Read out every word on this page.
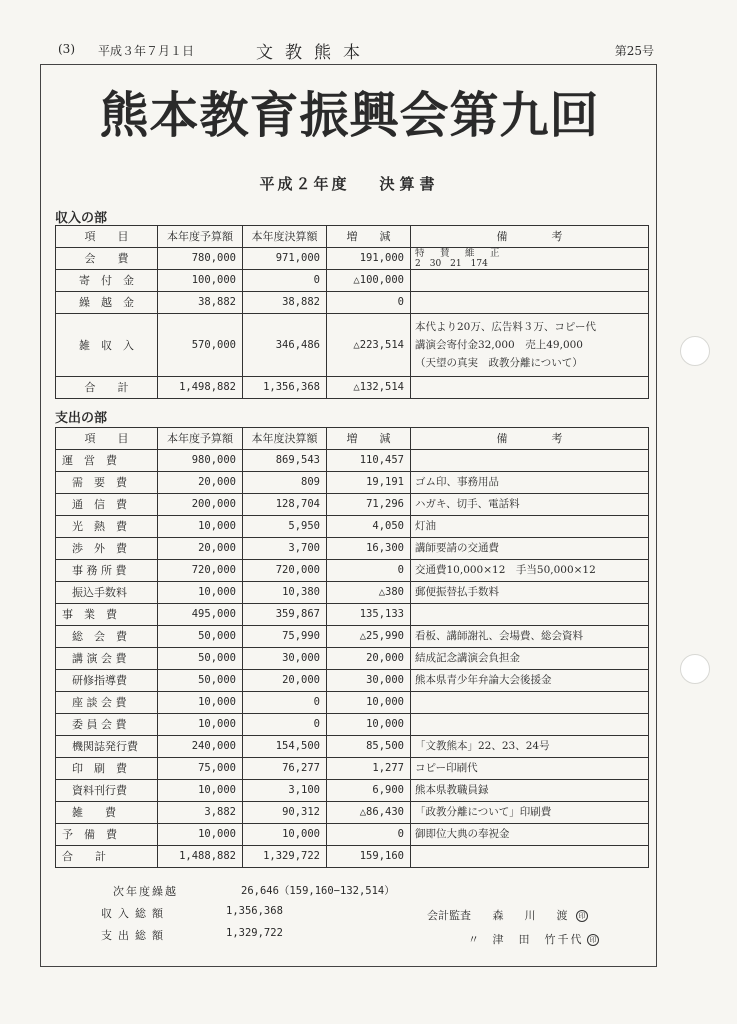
(3) 平成３年７月１日	文教熊本	第25号
熊本教育振興会第九回
平成２年度 決算書
収入の部
項　　目	本年度予算額	本年度決算額	増　　減	備　　　　考
会　　費	780,000	971,000	191,000	特　賛　維　正
2　30　21　174

寄　付　金	100,000	0	△100,000	
繰　越　金	38,882	38,882	0	
雑　収　入	570,000	346,486	△223,514	本代より20万、広告料３万、コピー代
講演会寄付金32,000　売上49,000
（天望の真実　政教分離について）

合　　計	1,498,882	1,356,368	△132,514	
支出の部
項　　目	本年度予算額	本年度決算額	増　　減	備　　　　考
運　営　費	980,000	869,543	110,457	
需　要　費	20,000	809	19,191	ゴム印、事務用品
通　信　費	200,000	128,704	71,296	ハガキ、切手、電話料
光　熱　費	10,000	5,950	4,050	灯油
渉　外　費	20,000	3,700	16,300	講師要請の交通費
事 務 所 費	720,000	720,000	0	交通費10,000×12　手当50,000×12
振込手数料	10,000	10,380	△380	郵便振替払手数料
事　業　費	495,000	359,867	135,133	
総　会　費	50,000	75,990	△25,990	看板、講師謝礼、会場費、総会資料
講 演 会 費	50,000	30,000	20,000	結成記念講演会負担金
研修指導費	50,000	20,000	30,000	熊本県青少年弁論大会後援金
座 談 会 費	10,000	0	10,000	
委 員 会 費	10,000	0	10,000	
機関誌発行費	240,000	154,500	85,500	「文教熊本」22、23、24号
印　刷　費	75,000	76,277	1,277	コピー印刷代
資料刊行費	10,000	3,100	6,900	熊本県教職員録
雑　　費	3,882	90,312	△86,430	「政教分離について」印刷費
予　備　費	10,000	10,000	0	御即位大典の奉祝金
合　　計	1,488,882	1,329,722	159,160	
次年度繰越	26,646（159,160−132,514）
収入総額	1,356,368
支出総額	1,329,722
会計監査 森　川　渡 印
〃 津　田　竹千代 印
